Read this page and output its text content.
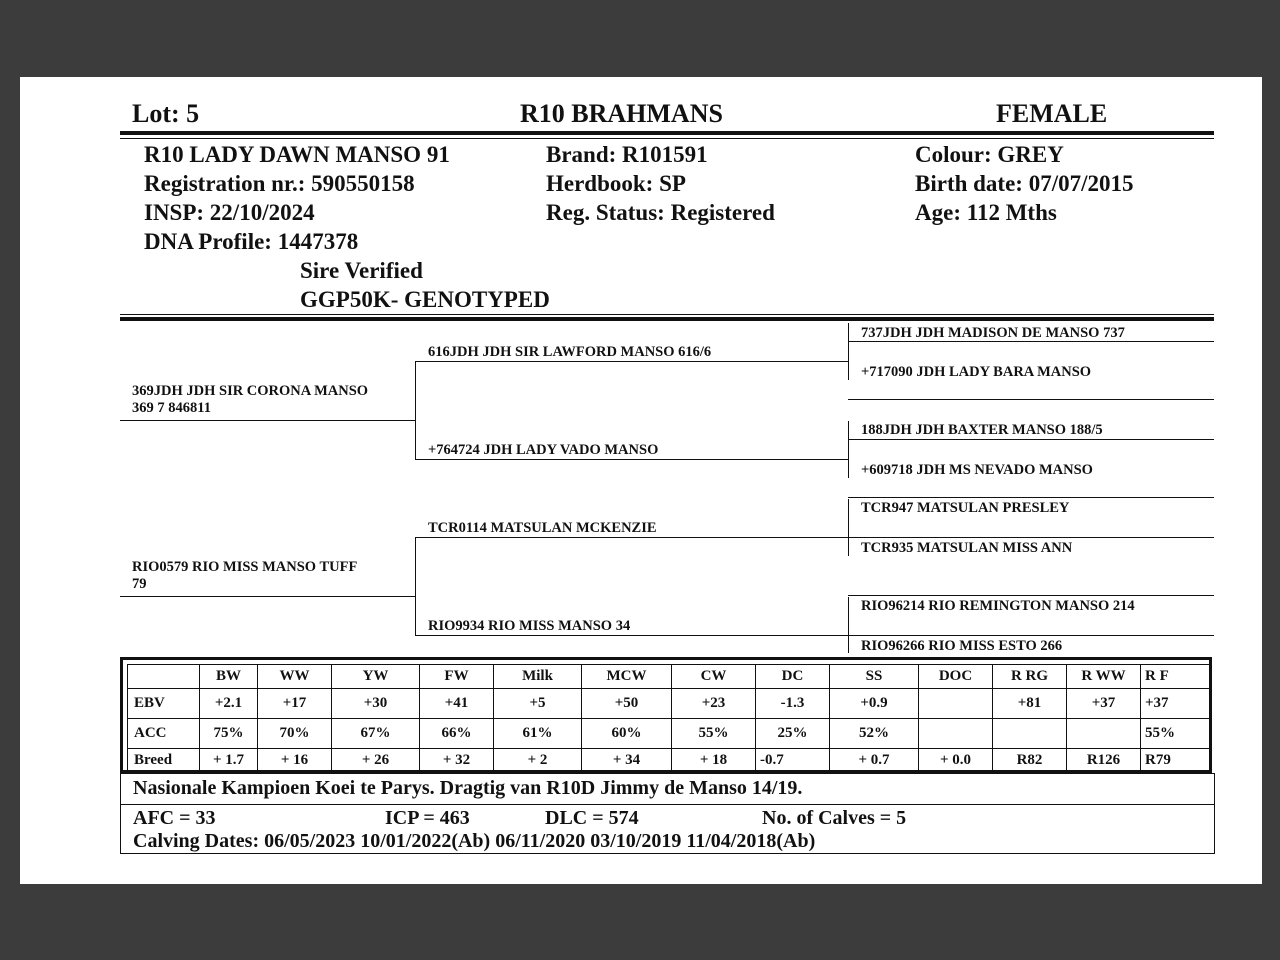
Lot: 5	R10 BRAHMANS	FEMALE
R10 LADY DAWN MANSO 91
Registration nr.: 590550158
INSP: 22/10/2024
DNA Profile: 1447378
Sire Verified
GGP50K- GENOTYPED
Brand: R101591
Herdbook: SP
Reg. Status: Registered
Colour: GREY
Birth date: 07/07/2015
Age: 112 Mths
369JDH JDH SIR CORONA MANSO
369 7 846811
RIO0579 RIO MISS MANSO TUFF
79
616JDH JDH SIR LAWFORD MANSO 616/6
+764724 JDH LADY VADO MANSO
TCR0114 MATSULAN MCKENZIE
RIO9934 RIO MISS MANSO 34
737JDH JDH MADISON DE MANSO 737
+717090 JDH LADY BARA MANSO
188JDH JDH BAXTER MANSO 188/5
+609718 JDH MS NEVADO MANSO
TCR947 MATSULAN PRESLEY
TCR935 MATSULAN MISS ANN
RIO96214 RIO REMINGTON MANSO 214
RIO96266 RIO MISS ESTO 266
	BW	WW	YW	FW	Milk	MCW	CW	DC	SS	DOC	R RG	R WW	R F
EBV	+2.1	+17	+30	+41	+5	+50	+23	-1.3	+0.9		+81	+37	+37
ACC	75%	70%	67%	66%	61%	60%	55%	25%	52%				55%
Breed	+ 1.7	+ 16	+ 26	+ 32	+ 2	+ 34	+ 18	-0.7	+ 0.7	+ 0.0	R82	R126	R79
Nasionale Kampioen Koei te Parys. Dragtig van R10D Jimmy de Manso 14/19.
AFC = 33	ICP = 463	DLC = 574	No. of Calves = 5
Calving Dates: 06/05/2023 10/01/2022(Ab) 06/11/2020 03/10/2019 11/04/2018(Ab)
